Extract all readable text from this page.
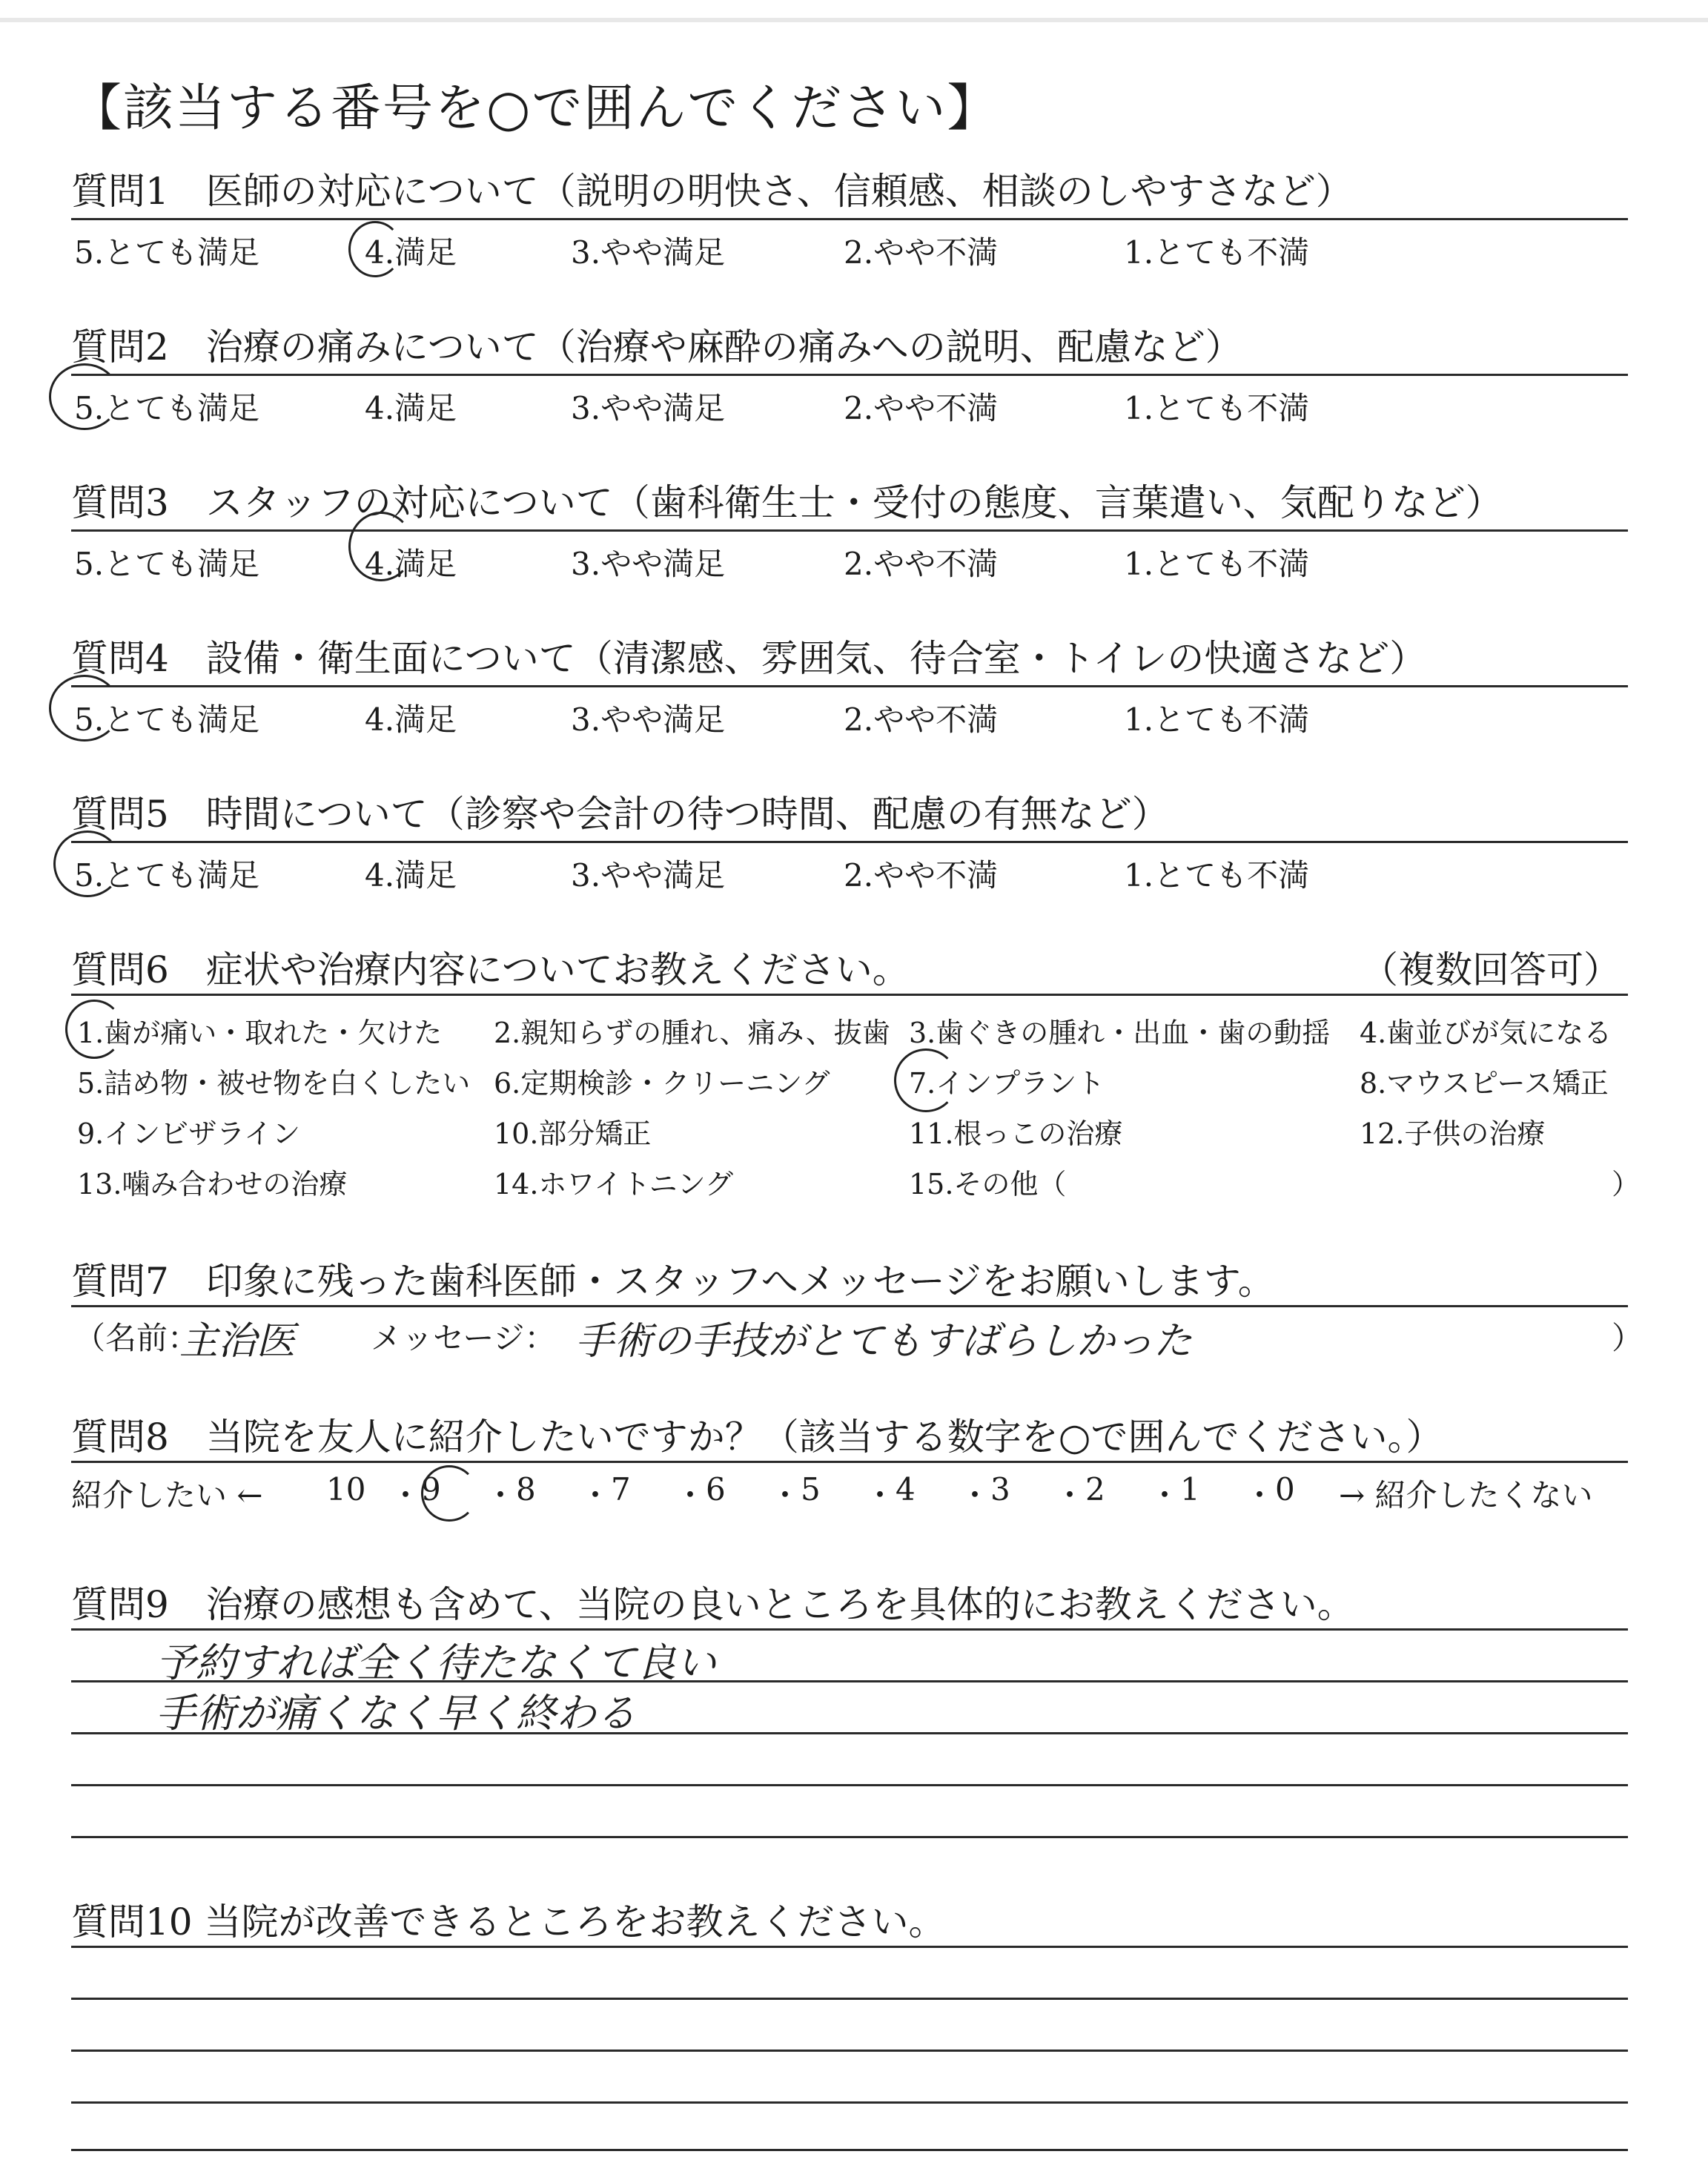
【該当する番号を○で囲んでください】
質問1　医師の対応について（説明の明快さ、信頼感、相談のしやすさなど）
5.とても満足	4.満足	3.やや満足	2.やや不満	1.とても不満
質問2　治療の痛みについて（治療や麻酔の痛みへの説明、配慮など）
5.とても満足	4.満足	3.やや満足	2.やや不満	1.とても不満
質問3　スタッフの対応について（歯科衛生士・受付の態度、言葉遣い、気配りなど）
5.とても満足	4.満足	3.やや満足	2.やや不満	1.とても不満
質問4　設備・衛生面について（清潔感、雰囲気、待合室・トイレの快適さなど）
5.とても満足	4.満足	3.やや満足	2.やや不満	1.とても不満
質問5　時間について（診察や会計の待つ時間、配慮の有無など）
5.とても満足	4.満足	3.やや満足	2.やや不満	1.とても不満
質問6　症状や治療内容についてお教えください。	（複数回答可）
1.歯が痛い・取れた・欠けた 2.親知らずの腫れ、痛み、抜歯 3.歯ぐきの腫れ・出血・歯の動揺 4.歯並びが気になる
5.詰め物・被せ物を白くしたい 6.定期検診・クリーニング	7.インプラント	8.マウスピース矯正
9.インビザライン	10.部分矯正	11.根っこの治療	12.子供の治療
13.噛み合わせの治療	14.ホワイトニング	15.その他（	）
質問7　印象に残った歯科医師・スタッフへメッセージをお願いします。
（名前：
主治医 メッセージ： 手術の手技がとてもすばらしかった	）
質問8　当院を友人に紹介したいですか？（該当する数字を○で囲んでください。）
紹介したい ←	→ 紹介したくない
10 ・ 9 ・ 8 ・ 7 ・ 6 ・ 5 ・ 4 ・ 3 ・ 2 ・ 1 ・ 0
質問9　治療の感想も含めて、当院の良いところを具体的にお教えください。
予約すれば全く待たなくて良い
手術が痛くなく早く終わる
質問10 当院が改善できるところをお教えください。
